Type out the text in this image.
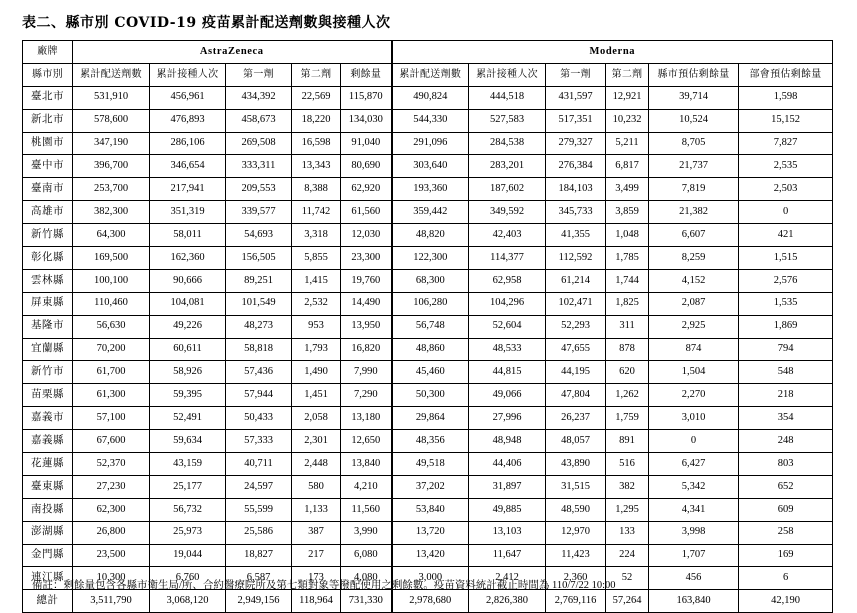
表二、縣市別 COVID-19 疫苗累計配送劑數與接種人次
廠牌	AstraZeneca					Moderna					
縣市別	累計配送劑數	累計接種人次	第一劑	第二劑	剩餘量	累計配送劑數	累計接種人次	第一劑	第二劑	縣市預估剩餘量	部會預估剩餘量
臺北市	531,910	456,961	434,392	22,569	115,870	490,824	444,518	431,597	12,921	39,714	1,598
新北市	578,600	476,893	458,673	18,220	134,030	544,330	527,583	517,351	10,232	10,524	15,152
桃園市	347,190	286,106	269,508	16,598	91,040	291,096	284,538	279,327	5,211	8,705	7,827
臺中市	396,700	346,654	333,311	13,343	80,690	303,640	283,201	276,384	6,817	21,737	2,535
臺南市	253,700	217,941	209,553	8,388	62,920	193,360	187,602	184,103	3,499	7,819	2,503
高雄市	382,300	351,319	339,577	11,742	61,560	359,442	349,592	345,733	3,859	21,382	0
新竹縣	64,300	58,011	54,693	3,318	12,030	48,820	42,403	41,355	1,048	6,607	421
彰化縣	169,500	162,360	156,505	5,855	23,300	122,300	114,377	112,592	1,785	8,259	1,515
雲林縣	100,100	90,666	89,251	1,415	19,760	68,300	62,958	61,214	1,744	4,152	2,576
屏東縣	110,460	104,081	101,549	2,532	14,490	106,280	104,296	102,471	1,825	2,087	1,535
基隆市	56,630	49,226	48,273	953	13,950	56,748	52,604	52,293	311	2,925	1,869
宜蘭縣	70,200	60,611	58,818	1,793	16,820	48,860	48,533	47,655	878	874	794
新竹市	61,700	58,926	57,436	1,490	7,990	45,460	44,815	44,195	620	1,504	548
苗栗縣	61,300	59,395	57,944	1,451	7,290	50,300	49,066	47,804	1,262	2,270	218
嘉義市	57,100	52,491	50,433	2,058	13,180	29,864	27,996	26,237	1,759	3,010	354
嘉義縣	67,600	59,634	57,333	2,301	12,650	48,356	48,948	48,057	891	0	248
花蓮縣	52,370	43,159	40,711	2,448	13,840	49,518	44,406	43,890	516	6,427	803
臺東縣	27,230	25,177	24,597	580	4,210	37,202	31,897	31,515	382	5,342	652
南投縣	62,300	56,732	55,599	1,133	11,560	53,840	49,885	48,590	1,295	4,341	609
澎湖縣	26,800	25,973	25,586	387	3,990	13,720	13,103	12,970	133	3,998	258
金門縣	23,500	19,044	18,827	217	6,080	13,420	11,647	11,423	224	1,707	169
連江縣	10,300	6,760	6,587	173	4,080	3,000	2,412	2,360	52	456	6
總計	3,511,790	3,068,120	2,949,156	118,964	731,330	2,978,680	2,826,380	2,769,116	57,264	163,840	42,190
備註：剩餘量包含各縣市衛生局/所、合約醫療院所及第七類對象等撥配使用之剩餘數。疫苗資料統計截止時間為 110/7/22 10:00
